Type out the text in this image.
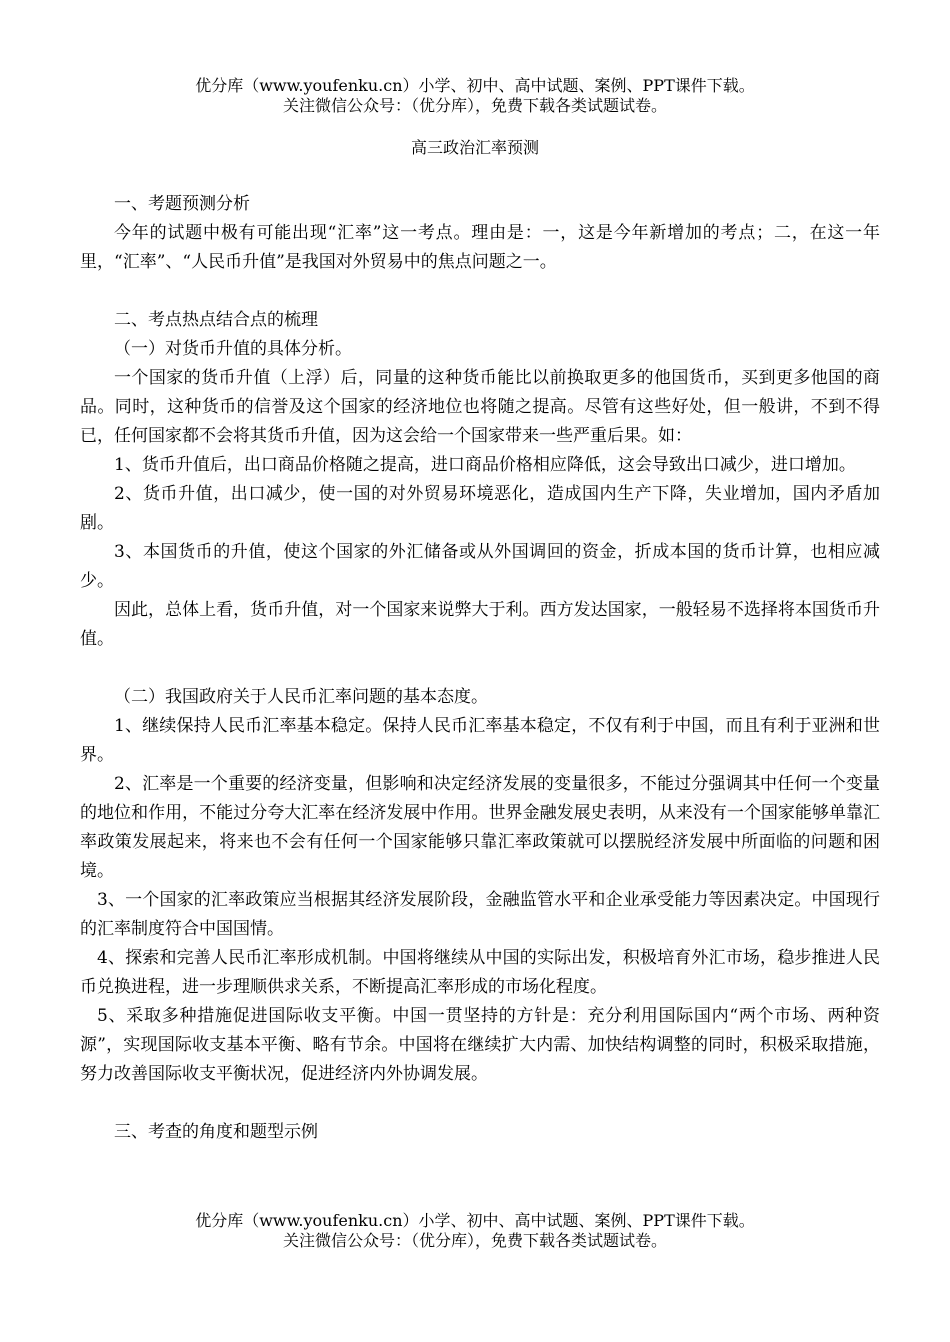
优分库（www.youfenku.cn）小学、初中、高中试题、案例、PPT课件下载。
关注微信公众号：（优分库），免费下载各类试题试卷。
高三政治汇率预测

一、考题预测分析

今年的试题中极有可能出现“汇率”这一考点。理由是：一，这是今年新增加的考点；二，在这一年里，“汇率”、“人民币升值”是我国对外贸易中的焦点问题之一。

二、考点热点结合点的梳理

（一）对货币升值的具体分析。

一个国家的货币升值（上浮）后，同量的这种货币能比以前换取更多的他国货币，买到更多他国的商品。同时，这种货币的信誉及这个国家的经济地位也将随之提高。尽管有这些好处，但一般讲，不到不得已，任何国家都不会将其货币升值，因为这会给一个国家带来一些严重后果。如：

1、货币升值后，出口商品价格随之提高，进口商品价格相应降低，这会导致出口减少，进口增加。

2、货币升值，出口减少，使一国的对外贸易环境恶化，造成国内生产下降，失业增加，国内矛盾加剧。

3、本国货币的升值，使这个国家的外汇储备或从外国调回的资金，折成本国的货币计算，也相应减少。

因此，总体上看，货币升值，对一个国家来说弊大于利。西方发达国家，一般轻易不选择将本国货币升值。

（二）我国政府关于人民币汇率问题的基本态度。

1、继续保持人民币汇率基本稳定。保持人民币汇率基本稳定，不仅有利于中国，而且有利于亚洲和世界。

2、汇率是一个重要的经济变量，但影响和决定经济发展的变量很多，不能过分强调其中任何一个变量的地位和作用，不能过分夸大汇率在经济发展中作用。世界金融发展史表明，从来没有一个国家能够单靠汇率政策发展起来，将来也不会有任何一个国家能够只靠汇率政策就可以摆脱经济发展中所面临的问题和困境。

3、一个国家的汇率政策应当根据其经济发展阶段，金融监管水平和企业承受能力等因素决定。中国现行的汇率制度符合中国国情。

4、探索和完善人民币汇率形成机制。中国将继续从中国的实际出发，积极培育外汇市场，稳步推进人民币兑换进程，进一步理顺供求关系，不断提高汇率形成的市场化程度。

5、采取多种措施促进国际收支平衡。中国一贯坚持的方针是：充分利用国际国内“两个市场、两种资源”，实现国际收支基本平衡、略有节余。中国将在继续扩大内需、加快结构调整的同时，积极采取措施，努力改善国际收支平衡状况，促进经济内外协调发展。

三、考查的角度和题型示例

优分库（www.youfenku.cn）小学、初中、高中试题、案例、PPT课件下载。
关注微信公众号：（优分库），免费下载各类试题试卷。
